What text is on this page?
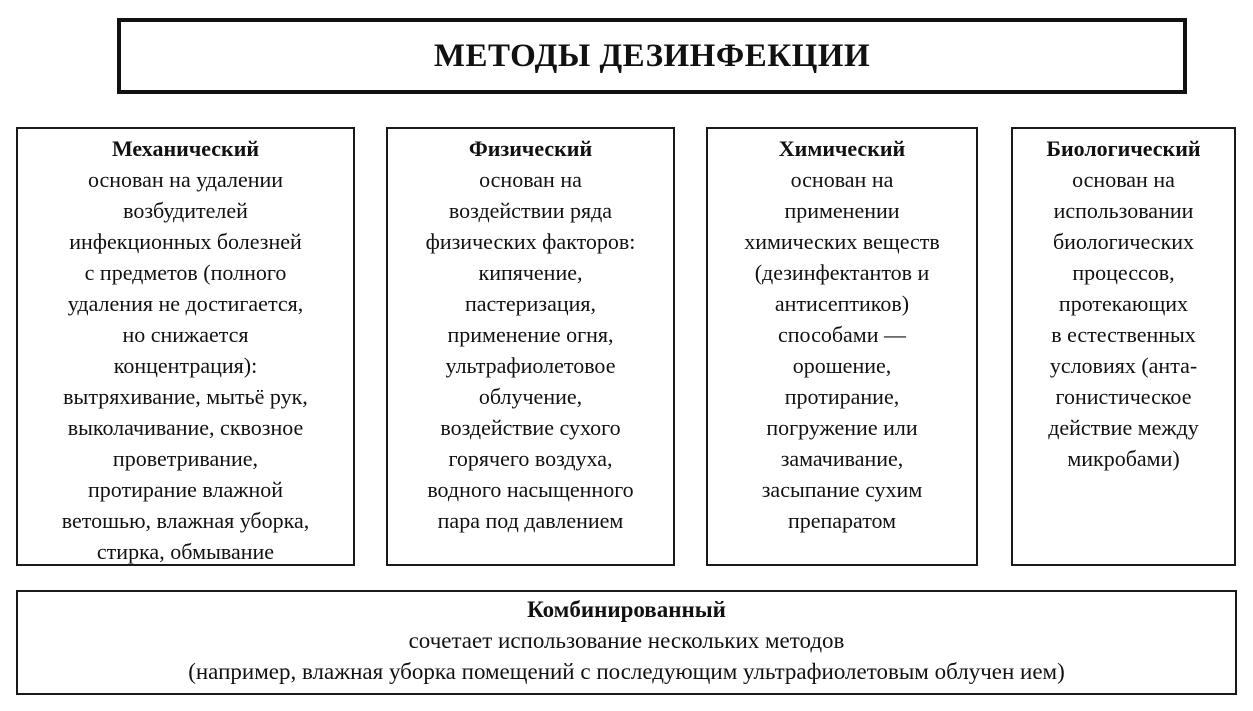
МЕТОДЫ ДЕЗИНФЕКЦИИ
Механический
основан на удалении
возбудителей
инфекционных болезней
с предметов (полного
удаления не достигается,
но снижается
концентрация):
вытряхивание, мытьё рук,
выколачивание, сквозное
проветривание,
протирание влажной
ветошью, влажная уборка,
стирка, обмывание
Физический
основан на
воздействии ряда
физических факторов:
кипячение,
пастеризация,
применение огня,
ультрафиолетовое
облучение,
воздействие сухого
горячего воздуха,
водного насыщенного
пара под давлением
Химический
основан на
применении
химических веществ
(дезинфектантов и
антисептиков)
способами —
орошение,
протирание,
погружение или
замачивание,
засыпание сухим
препаратом
Биологический
основан на
использовании
биологических
процессов,
протекающих
в естественных
условиях (анта-
гонистическое
действие между
микробами)
Комбинированный
сочетает использование нескольких методов
(например, влажная уборка помещений с последующим ультрафиолетовым облучен ием)
